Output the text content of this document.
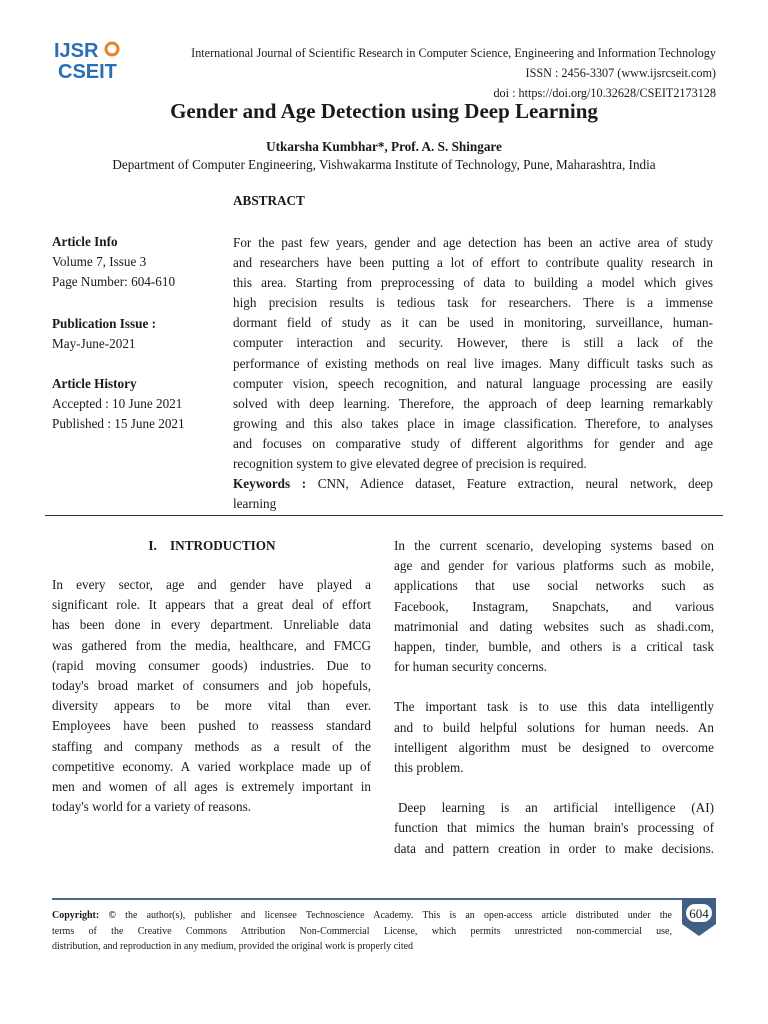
IJSR
CSEIT
International Journal of Scientific Research in Computer Science, Engineering and Information Technology
ISSN : 2456-3307 (www.ijsrcseit.com)
doi : https://doi.org/10.32628/CSEIT2173128
Gender and Age Detection using Deep Learning
Utkarsha Kumbhar*, Prof. A. S. Shingare
Department of Computer Engineering, Vishwakarma Institute of Technology, Pune, Maharashtra, India
ABSTRACT
Article Info
Volume 7, Issue 3
Page Number: 604-610
Publication Issue :
May-June-2021
Article History
Accepted : 10 June 2021
Published : 15 June 2021
For the past few years, gender and age detection has been an active area of study
and researchers have been putting a lot of effort to contribute quality research in
this area. Starting from preprocessing of data to building a model which gives
high precision results is tedious task for researchers. There is a immense
dormant field of study as it can be used in monitoring, surveillance, human-
computer interaction and security. However, there is still a lack of the
performance of existing methods on real live images. Many difficult tasks such as
computer vision, speech recognition, and natural language processing are easily
solved with deep learning. Therefore, the approach of deep learning remarkably
growing and this also takes place in image classification. Therefore, to analyses
and focuses on comparative study of different algorithms for gender and age
recognition system to give elevated degree of precision is required.
Keywords : CNN, Adience dataset, Feature extraction, neural network, deep
learning
I.    INTRODUCTION
In every sector, age and gender have played a
significant role. It appears that a great deal of effort
has been done in every department. Unreliable data
was gathered from the media, healthcare, and FMCG
(rapid moving consumer goods) industries. Due to
today's broad market of consumers and job hopefuls,
diversity appears to be more vital than ever.
Employees have been pushed to reassess standard
staffing and company methods as a result of the
competitive economy. A varied workplace made up of
men and women of all ages is extremely important in
today's world for a variety of reasons.
In the current scenario, developing systems based on
age and gender for various platforms such as mobile,
applications that use social networks such as
Facebook, Instagram, Snapchats, and various
matrimonial and dating websites such as shadi.com,
happen, tinder, bumble, and others is a critical task
for human security concerns.
The important task is to use this data intelligently
and to build helpful solutions for human needs. An
intelligent algorithm must be designed to overcome
this problem.
Deep learning is an artificial intelligence (AI)
function that mimics the human brain's processing of
data and pattern creation in order to make decisions.
Copyright: © the author(s), publisher and licensee Technoscience Academy. This is an open-access article distributed under the
terms of the Creative Commons Attribution Non-Commercial License, which permits unrestricted non-commercial use,
distribution, and reproduction in any medium, provided the original work is properly cited
604
